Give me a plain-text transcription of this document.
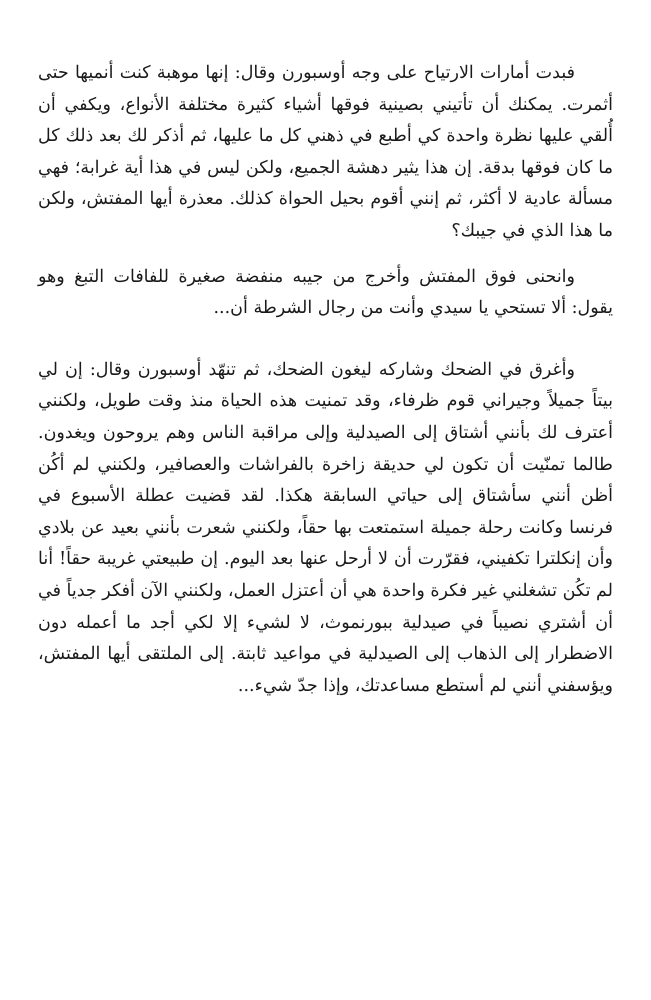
فبدت أمارات الارتياح على وجه أوسبورن وقال: إنها موهبة كنت أنميها حتى أثمرت. يمكنك أن تأتيني بصينية فوقها أشياء كثيرة مختلفة الأنواع، ويكفي أن أُلقي عليها نظرة واحدة كي أطبع في ذهني كل ما عليها، ثم أذكر لك بعد ذلك كل ما كان فوقها بدقة. إن هذا يثير دهشة الجميع، ولكن ليس في هذا أية غرابة؛ فهي مسألة عادية لا أكثر، ثم إنني أقوم بحيل الحواة كذلك. معذرة أيها المفتش، ولكن ما هذا الذي في جيبك؟

وانحنى فوق المفتش وأخرج من جيبه منفضة صغيرة للفافات التبغ وهو يقول: ألا تستحي يا سيدي وأنت من رجال الشرطة أن...

وأغرق في الضحك وشاركه ليغون الضحك، ثم تنهّد أوسبورن وقال: إن لي بيتاً جميلاً وجيراني قوم ظرفاء، وقد تمنيت هذه الحياة منذ وقت طويل، ولكنني أعترف لك بأنني أشتاق إلى الصيدلية وإلى مراقبة الناس وهم يروحون ويغدون. طالما تمنّيت أن تكون لي حديقة زاخرة بالفراشات والعصافير، ولكنني لم أكُن أظن أنني سأشتاق إلى حياتي السابقة هكذا. لقد قضيت عطلة الأسبوع في فرنسا وكانت رحلة جميلة استمتعت بها حقاً، ولكنني شعرت بأنني بعيد عن بلادي وأن إنكلترا تكفيني، فقرّرت أن لا أرحل عنها بعد اليوم. إن طبيعتي غريبة حقاً! أنا لم تكُن تشغلني غير فكرة واحدة هي أن أعتزل العمل، ولكنني الآن أفكر جدياً في أن أشتري نصيباً في صيدلية ببورنموث، لا لشيء إلا لكي أجد ما أعمله دون الاضطرار إلى الذهاب إلى الصيدلية في مواعيد ثابتة. إلى الملتقى أيها المفتش، ويؤسفني أنني لم أستطع مساعدتك، وإذا جدّ شيء...
